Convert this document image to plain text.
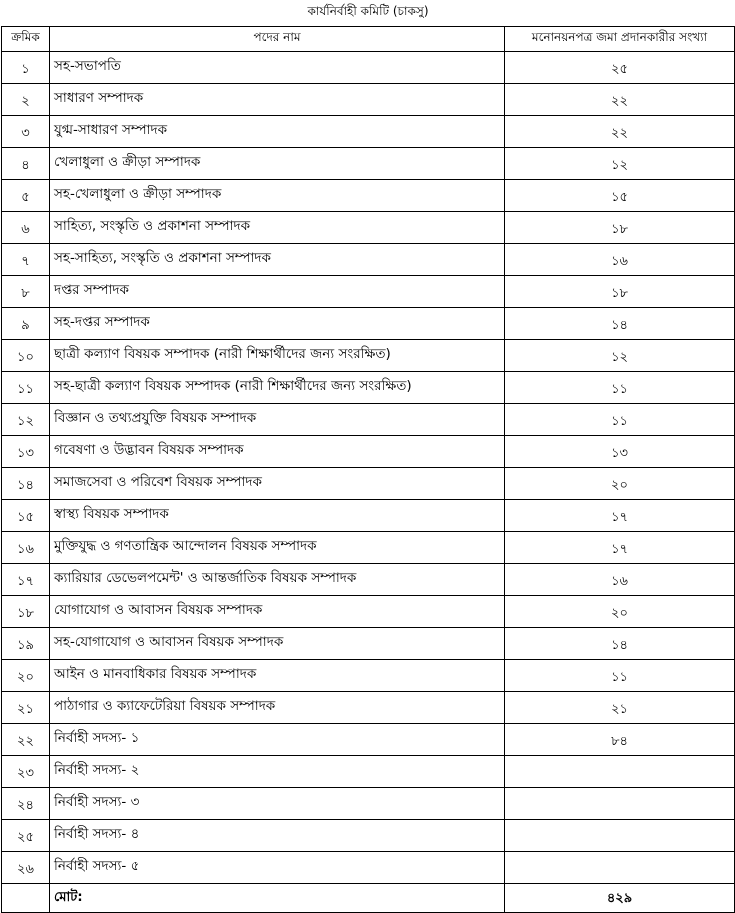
কার্যনির্বাহী কমিটি (চাকসু)		
ক্রমিক	পদের নাম	মনোনয়নপত্র জমা প্রদানকারীর সংখ্যা
১	সহ-সভাপতি	২৫
২	সাধারণ সম্পাদক	২২
৩	যুগ্ম-সাধারণ সম্পাদক	২২
৪	খেলাধুলা ও ক্রীড়া সম্পাদক	১২
৫	সহ-খেলাধুলা ও ক্রীড়া সম্পাদক	১৫
৬	সাহিত্য, সংস্কৃতি ও প্রকাশনা সম্পাদক	১৮
৭	সহ-সাহিত্য, সংস্কৃতি ও প্রকাশনা সম্পাদক	১৬
৮	দপ্তর সম্পাদক	১৮
৯	সহ-দপ্তর সম্পাদক	১৪
১০	ছাত্রী কল্যাণ বিষয়ক সম্পাদক (নারী শিক্ষার্থীদের জন্য সংরক্ষিত)	১২
১১	সহ-ছাত্রী কল্যাণ বিষয়ক সম্পাদক (নারী শিক্ষার্থীদের জন্য সংরক্ষিত)	১১
১২	বিজ্ঞান ও তথ্যপ্রযুক্তি বিষয়ক সম্পাদক	১১
১৩	গবেষণা ও উদ্ভাবন বিষয়ক সম্পাদক	১৩
১৪	সমাজসেবা ও পরিবেশ বিষয়ক সম্পাদক	২০
১৫	স্বাস্থ্য বিষয়ক সম্পাদক	১৭
১৬	মুক্তিযুদ্ধ ও গণতান্ত্রিক আন্দোলন বিষয়ক সম্পাদক	১৭
১৭	ক্যারিয়ার ডেভেলপমেন্ট' ও আন্তর্জাতিক বিষয়ক সম্পাদক	১৬
১৮	যোগাযোগ ও আবাসন বিষয়ক সম্পাদক	২০
১৯	সহ-যোগাযোগ ও আবাসন বিষয়ক সম্পাদক	১৪
২০	আইন ও মানবাধিকার বিষয়ক সম্পাদক	১১
২১	পাঠাগার ও ক্যাফেটেরিয়া বিষয়ক সম্পাদক	২১
২২	নির্বাহী সদস্য- ১	৮৪
২৩	নির্বাহী সদস্য- ২	
২৪	নির্বাহী সদস্য- ৩	
২৫	নির্বাহী সদস্য- ৪	
২৬	নির্বাহী সদস্য- ৫	
	মোট:	৪২৯
